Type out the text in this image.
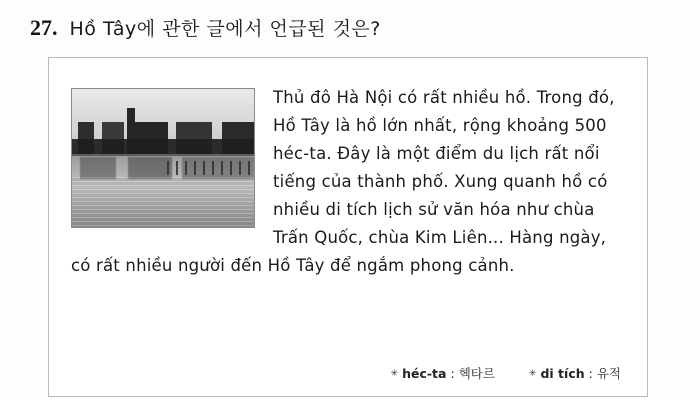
27. Hồ Tây에 관한 글에서 언급된 것은?

Thủ đô Hà Nội có rất nhiều hồ. Trong đó, Hồ Tây là hồ lớn nhất, rộng khoảng 500 héc-ta. Đây là một điểm du lịch rất nổi tiếng của thành phố. Xung quanh hồ có nhiều di tích lịch sử văn hóa như chùa Trấn Quốc, chùa Kim Liên... Hàng ngày, có rất nhiều người đến Hồ Tây để ngắm phong cảnh.

✳ héc-ta : 헥타르	✳ di tích : 유적
